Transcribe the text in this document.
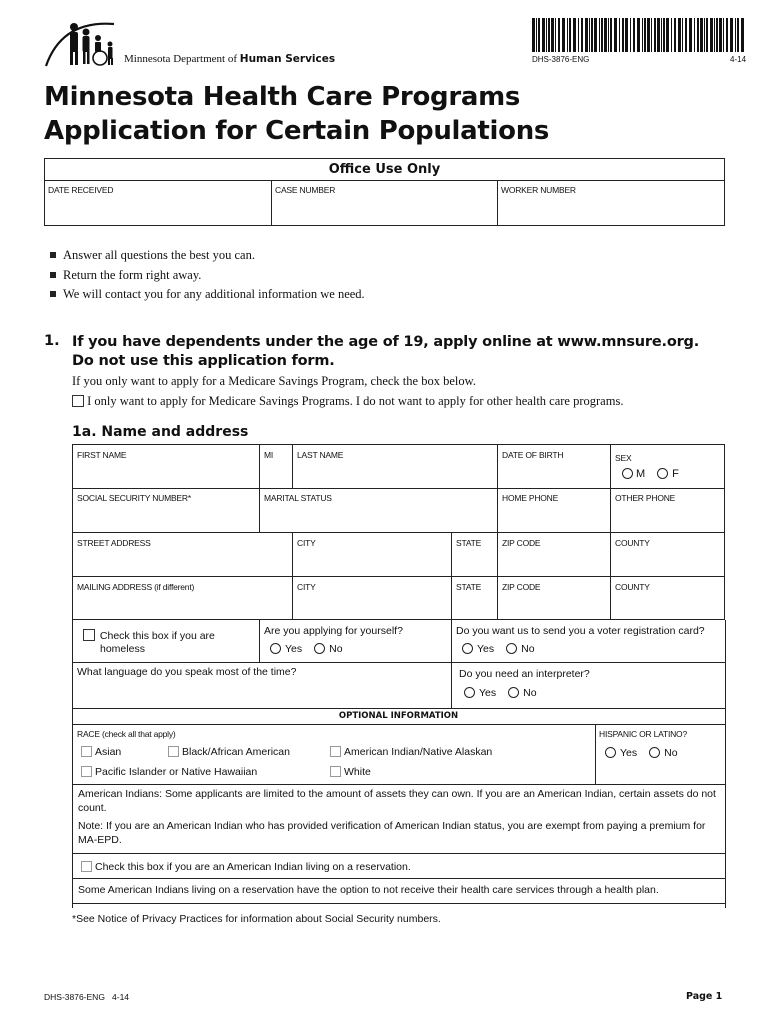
Minnesota Department of Human Services	DHS-3876-ENG	4-14
Minnesota Health Care Programs
Application for Certain Populations
Office Use Only
DATE RECEIVED	CASE NUMBER	WORKER NUMBER
Answer all questions the best you can.
Return the form right away.
We will contact you for any additional information we need.
1. If you have dependents under the age of 19, apply online at www.mnsure.org.
Do not use this application form.
If you only want to apply for a Medicare Savings Program, check the box below.
I only want to apply for Medicare Savings Programs. I do not want to apply for other health care programs.
1a. Name and address
FIRST NAME	MI	LAST NAME	DATE OF BIRTH	SEX
M F
SOCIAL SECURITY NUMBER*	MARITAL STATUS	HOME PHONE	OTHER PHONE
STREET ADDRESS	CITY	STATE ZIP CODE	COUNTY
MAILING ADDRESS (if different)	CITY	STATE ZIP CODE	COUNTY
Check this box if you are
homeless
Are you applying for yourself?
Yes	No
Do you want us to send you a voter registration card?
Yes	No
What language do you speak most of the time?	Do you need an interpreter?
Yes	No
OPTIONAL INFORMATION
RACE (check all that apply)	HISPANIC OR LATINO?
Asian	Black/African American	American Indian/Native Alaskan
Pacific Islander or Native Hawaiian	White
Yes	No
American Indians: Some applicants are limited to the amount of assets they can own. If you are an American Indian, certain assets do not count.
Note: If you are an American Indian who has provided verification of American Indian status, you are exempt from paying a premium for MA-EPD.
Check this box if you are an American Indian living on a reservation.
Some American Indians living on a reservation have the option to not receive their health care services through a health plan.
*See Notice of Privacy Practices for information about Social Security numbers.
DHS-3876-ENG   4-14	Page 1
